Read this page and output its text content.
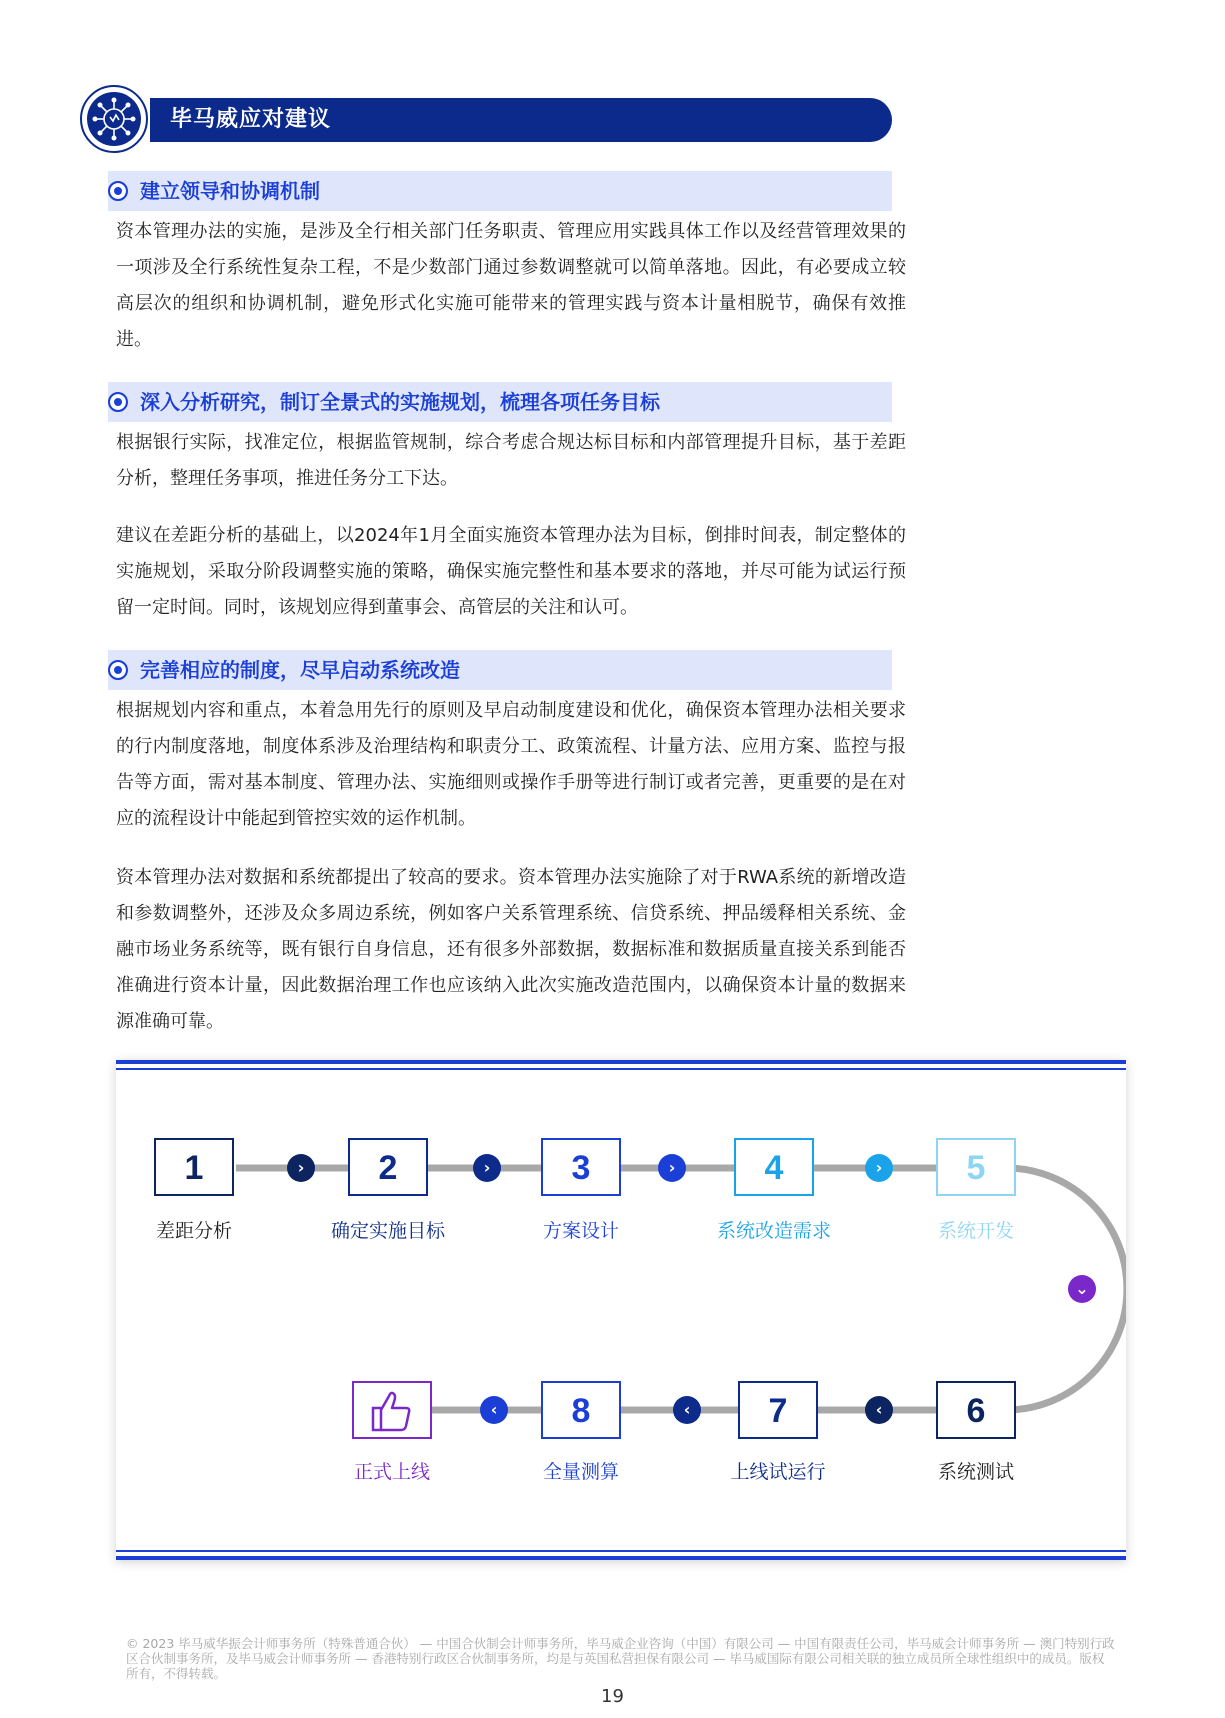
毕马威应对建议
建立领导和协调机制
资本管理办法的实施，是涉及全行相关部门任务职责、管理应用实践具体工作以及经营管理效果的一项涉及全行系统性复杂工程，不是少数部门通过参数调整就可以简单落地。因此，有必要成立较高层次的组织和协调机制，避免形式化实施可能带来的管理实践与资本计量相脱节，确保有效推进。
深入分析研究，制订全景式的实施规划，梳理各项任务目标
根据银行实际，找准定位，根据监管规制，综合考虑合规达标目标和内部管理提升目标，基于差距分析，整理任务事项，推进任务分工下达。
建议在差距分析的基础上，以2024年1月全面实施资本管理办法为目标，倒排时间表，制定整体的实施规划，采取分阶段调整实施的策略，确保实施完整性和基本要求的落地，并尽可能为试运行预留一定时间。同时，该规划应得到董事会、高管层的关注和认可。
完善相应的制度，尽早启动系统改造
根据规划内容和重点，本着急用先行的原则及早启动制度建设和优化，确保资本管理办法相关要求的行内制度落地，制度体系涉及治理结构和职责分工、政策流程、计量方法、应用方案、监控与报告等方面，需对基本制度、管理办法、实施细则或操作手册等进行制订或者完善，更重要的是在对应的流程设计中能起到管控实效的运作机制。
资本管理办法对数据和系统都提出了较高的要求。资本管理办法实施除了对于RWA系统的新增改造和参数调整外，还涉及众多周边系统，例如客户关系管理系统、信贷系统、押品缓释相关系统、金融市场业务系统等，既有银行自身信息，还有很多外部数据，数据标准和数据质量直接关系到能否准确进行资本计量，因此数据治理工作也应该纳入此次实施改造范围内，以确保资本计量的数据来源准确可靠。
1	2	3	4	5
6
7
8
差距分析	确定实施目标	方案设计	系统改造需求	系统开发
系统测试
上线试运行
全量测算
正式上线
›	›	›	›
⌄
‹
‹
‹
© 2023 毕马威华振会计师事务所（特殊普通合伙） — 中国合伙制会计师事务所，毕马威企业咨询（中国）有限公司 — 中国有限责任公司，毕马威会计师事务所 — 澳门特别行政区合伙制事务所，及毕马威会计师事务所 — 香港特别行政区合伙制事务所，均是与英国私营担保有限公司 — 毕马威国际有限公司相关联的独立成员所全球性组织中的成员。版权所有，不得转载。
19
